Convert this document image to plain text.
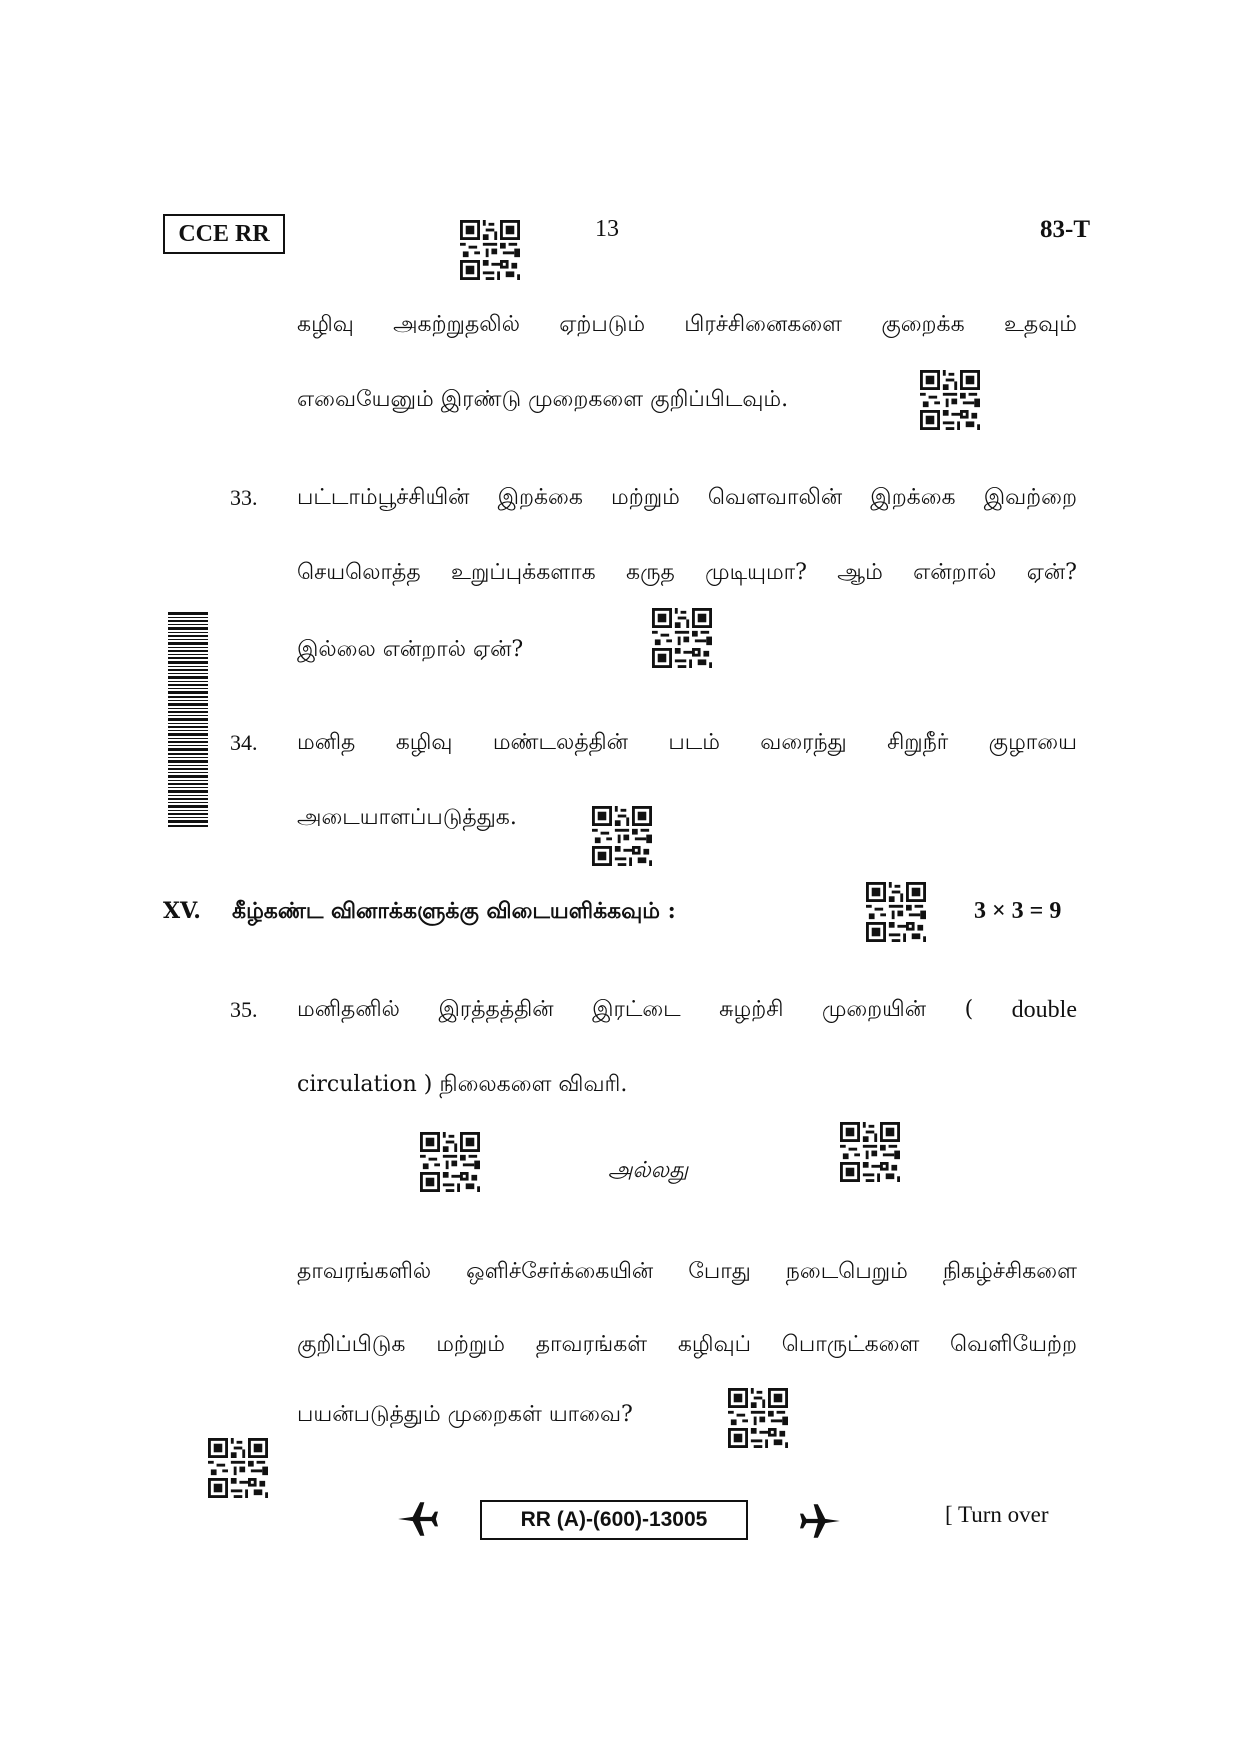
CCE RR	13	83-T
கழிவு அகற்றுதலில் ஏற்படும் பிரச்சினைகளை குறைக்க உதவும்
எவையேனும் இரண்டு முறைகளை குறிப்பிடவும்.
33. பட்டாம்பூச்சியின் இறக்கை மற்றும் வெளவாலின் இறக்கை இவற்றை
செயலொத்த உறுப்புக்களாக கருத முடியுமா? ஆம் என்றால் ஏன்?
இல்லை என்றால் ஏன்?
34. மனித கழிவு மண்டலத்தின் படம் வரைந்து சிறுநீர் குழாயை
அடையாளப்படுத்துக.
XV. கீழ்கண்ட வினாக்களுக்கு விடையளிக்கவும் :	3 × 3 = 9
35. மனிதனில் இரத்தத்தின் இரட்டை சுழற்சி முறையின் ( double
circulation ) நிலைகளை விவரி.
அல்லது
தாவரங்களில் ஒளிச்சேர்க்கையின் போது நடைபெறும் நிகழ்ச்சிகளை
குறிப்பிடுக மற்றும் தாவரங்கள் கழிவுப் பொருட்களை வெளியேற்ற
பயன்படுத்தும் முறைகள் யாவை?
RR (A)-(600)-13005	[ Turn over
